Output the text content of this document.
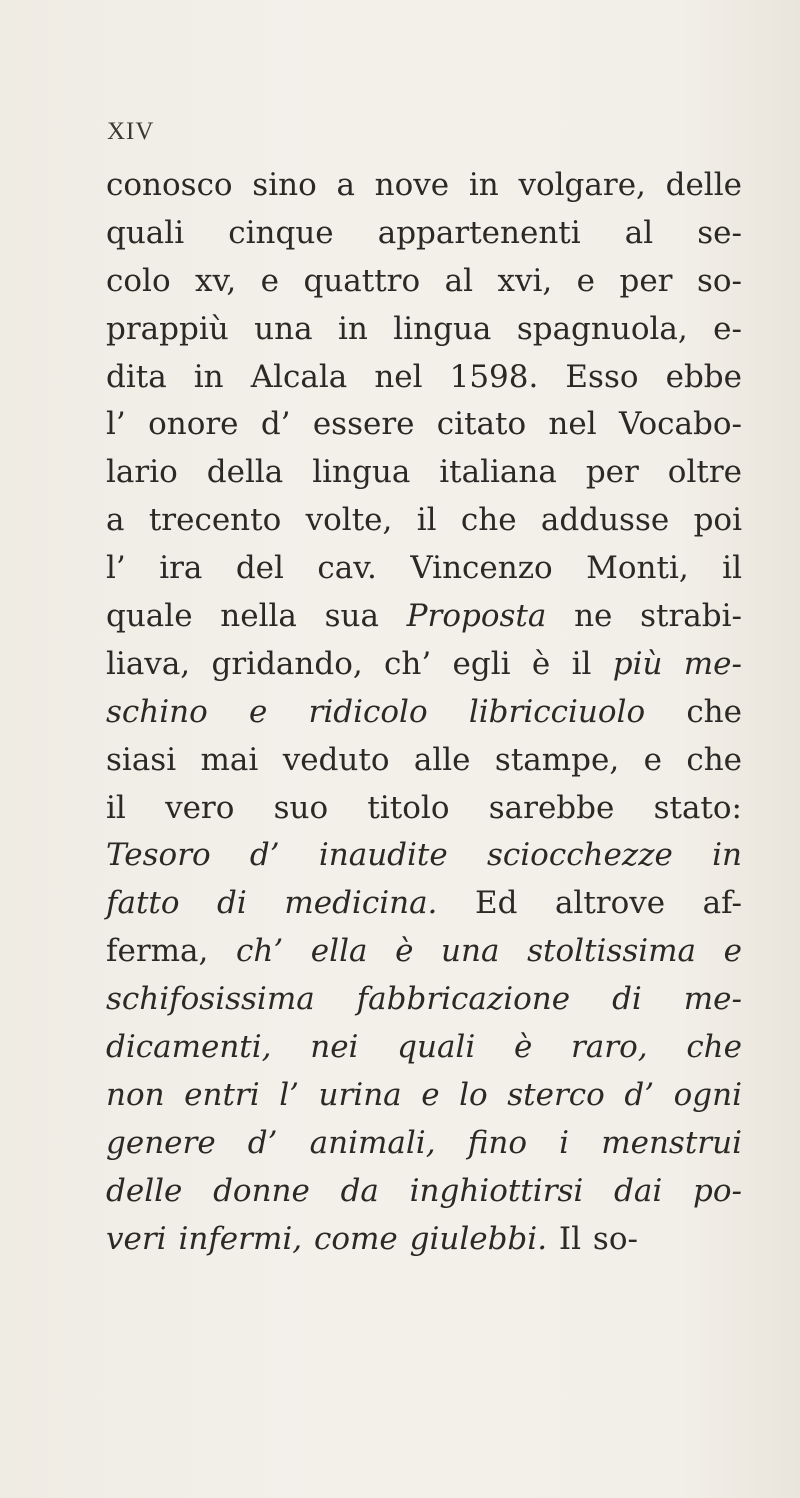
XIV
conosco sino a nove in volgare, delle
quali cinque appartenenti al se-
colo xv, e quattro al xvi, e per so-
prappiù una in lingua spagnuola, e-
dita in Alcala nel 1598. Esso ebbe
l’ onore d’ essere citato nel Vocabo-
lario della lingua italiana per oltre
a trecento volte, il che addusse poi
l’ ira del cav. Vincenzo Monti, il
quale nella sua Proposta ne strabi-
liava, gridando, ch’ egli è il più me-
schino e ridicolo libricciuolo che
siasi mai veduto alle stampe, e che
il vero suo titolo sarebbe stato:
Tesoro d’ inaudite sciocchezze in
fatto di medicina. Ed altrove af-
ferma, ch’ ella è una stoltissima e
schifosissima fabbricazione di me-
dicamenti, nei quali è raro, che
non entri l’ urina e lo sterco d’ ogni
genere d’ animali, fino i menstrui
delle donne da inghiottirsi dai po-
veri infermi, come giulebbi. Il so-
